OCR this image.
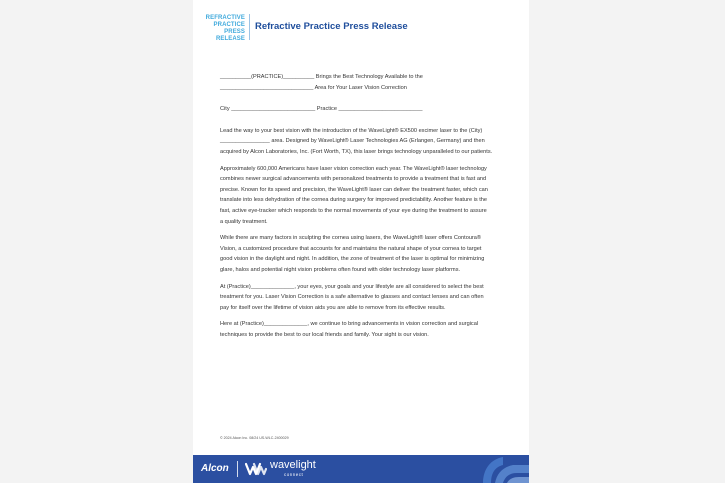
REFRACTIVE
PRACTICE
PRESS
RELEASE
Refractive Practice Press Release

__________(PRACTICE)__________ Brings the Best Technology Available to the

______________________________ Area for Your Laser Vision Correction

City ___________________________ Practice ___________________________

Lead the way to your best vision with the introduction of the WaveLight® EX500 excimer laser to the (City)

________________ area. Designed by WaveLight® Laser Technologies AG (Erlangen, Germany) and then

acquired by Alcon Laboratories, Inc. (Fort Worth, TX), this laser brings technology unparalleled to our patients.

Approximately 600,000 Americans have laser vision correction each year. The WaveLight® laser technology

combines newer surgical advancements with personalized treatments to provide a treatment that is fast and

precise. Known for its speed and precision, the WaveLight® laser can deliver the treatment faster, which can

translate into less dehydration of the cornea during surgery for improved predictability. Another feature is the

fast, active eye-tracker which responds to the normal movements of your eye during the treatment to assure

a quality treatment.

While there are many factors in sculpting the cornea using lasers, the WaveLight® laser offers Contoura®

Vision, a customized procedure that accounts for and maintains the natural shape of your cornea to target

good vision in the daylight and night. In addition, the zone of treatment of the laser is optimal for minimizing

glare, halos and potential night vision problems often found with older technology laser platforms.

At (Practice)______________, your eyes, your goals and your lifestyle are all considered to select the best

treatment for you. Laser Vision Correction is a safe alternative to glasses and contact lenses and can often

pay for itself over the lifetime of vision aids you are able to remove from its effective results.

Here at (Practice)______________, we continue to bring advancements in vision correction and surgical

techniques to provide the best to our local friends and family. Your sight is our vision.

© 2024 Alcon Inc. 08/24 US-WLC-2400029
Alcon	wavelight
connect
